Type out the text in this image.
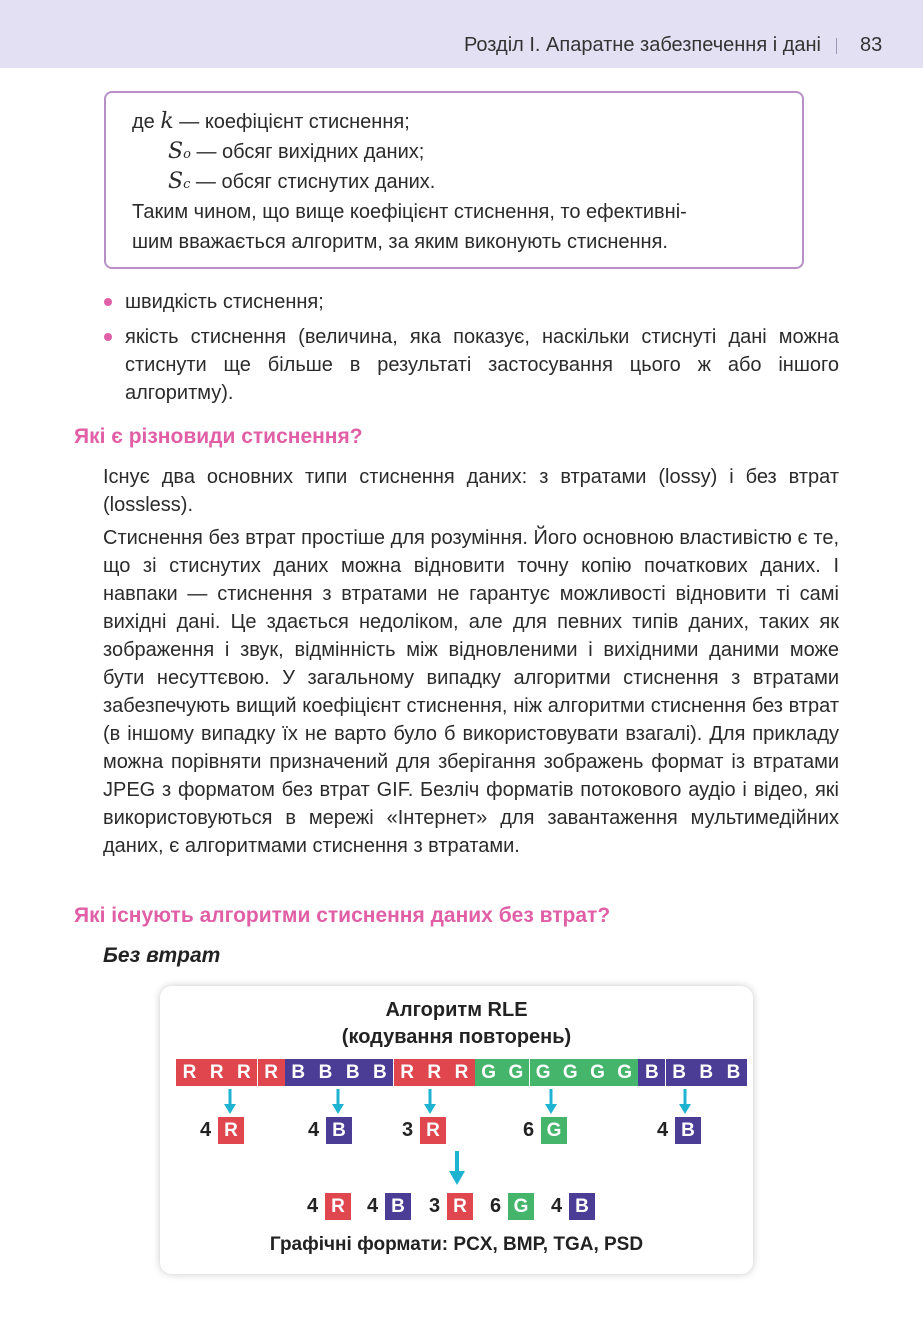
Розділ І. Апаратне забезпечення і дані 83
де k — коефіцієнт стиснення;
So — обсяг вихідних даних;
Sc — обсяг стиснутих даних.
Таким чином, що вище коефіцієнт стиснення, то ефективні-
шим вважається алгоритм, за яким виконують стиснення.
швидкість стиснення;
якість стиснення (величина, яка показує, наскільки стиснуті дані можна стиснути ще більше в результаті застосування цього ж або іншого алгоритму).
Які є різновиди стиснення?
Існує два основних типи стиснення даних: з втратами (lossy) і без втрат (lossless).
Стиснення без втрат простіше для розуміння. Його основною властивістю є те, що зі стиснутих даних можна відновити точну копію початкових даних. І навпаки — стиснення з втратами не гарантує можливості відновити ті самі вихідні дані. Це здається недоліком, але для певних типів даних, таких як зображення і звук, відмінність між відновленими і вихідними даними може бути несуттєвою. У загальному випадку алгоритми стиснення з втратами забезпечують вищий коефіцієнт стиснення, ніж алгоритми стиснення без втрат (в іншому випадку їх не варто було б використовувати взагалі). Для прикладу можна порівняти призначений для зберігання зображень формат із втратами JPEG з форматом без втрат GIF. Безліч форматів потокового аудіо і відео, які використовуються в мережі «Інтернет» для завантаження мультимедійних даних, є алгоритмами стиснення з втратами.
Які існують алгоритми стиснення даних без втрат?
Без втрат
Алгоритм RLE
(кодування повторень)
R R R R B B B B R R R G G G G G G B B B B
4 R	4 B	3 R	6 G	4 B
4 R	4 B	3 R	6 G 4 B
Графічні формати: PCX, BMP, TGA, PSD
